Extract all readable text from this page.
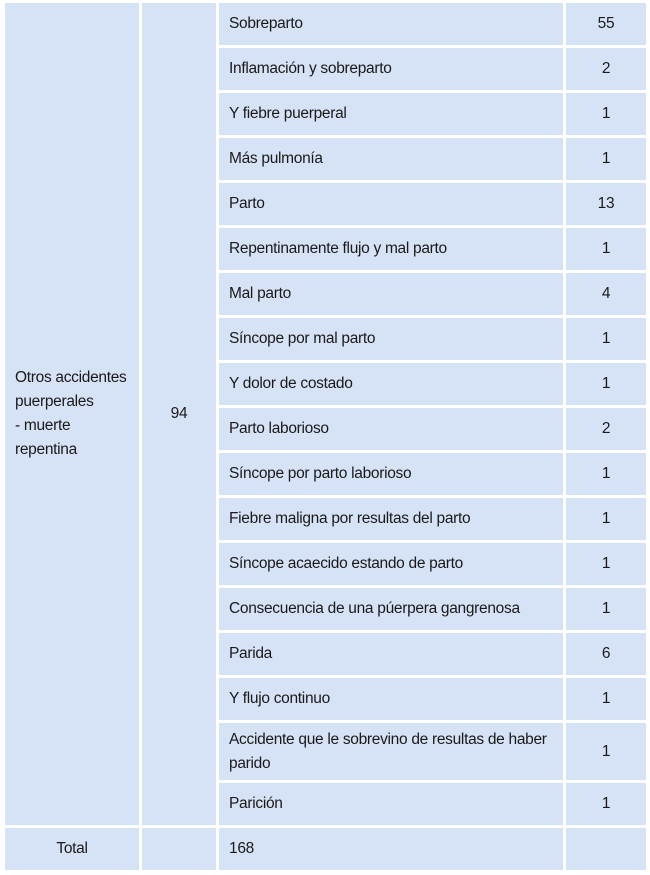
Otros accidentes
puerperales
- muerte
repentina	94	Sobreparto	55
		Inflamación y sobreparto	2
		Y fiebre puerperal	1
		Más pulmonía	1
		Parto	13
		Repentinamente flujo y mal parto	1
		Mal parto	4
		Síncope por mal parto	1
		Y dolor de costado	1
		Parto laborioso	2
		Síncope por parto laborioso	1
		Fiebre maligna por resultas del parto	1
		Síncope acaecido estando de parto	1
		Consecuencia de una púerpera gangrenosa	1
		Parida	6
		Y flujo continuo	1
		Accidente que le sobrevino de resultas de haber parido	1
		Parición	1
Total		168	
